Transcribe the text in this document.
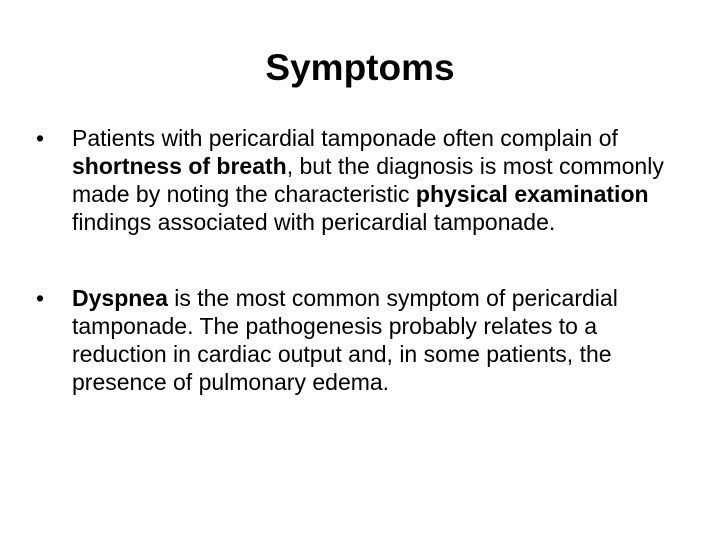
Symptoms
•	Patients with pericardial tamponade often complain of shortness of breath, but the diagnosis is most commonly made by noting the characteristic physical examination findings associated with pericardial tamponade.
•	Dyspnea is the most common symptom of pericardial tamponade. The pathogenesis probably relates to a reduction in cardiac output and, in some patients, the presence of pulmonary edema.
